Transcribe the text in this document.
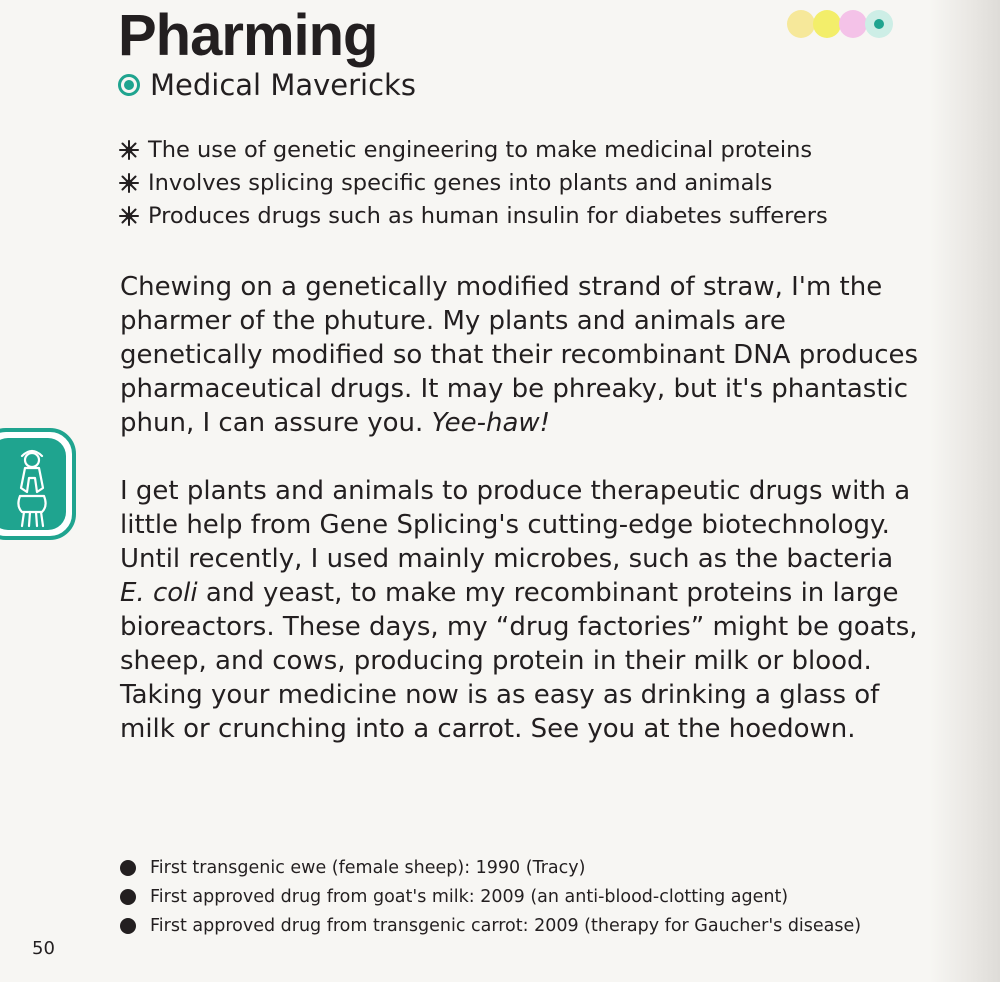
Pharming
Medical Mavericks
The use of genetic engineering to make medicinal proteins
Involves splicing specific genes into plants and animals
Produces drugs such as human insulin for diabetes sufferers

Chewing on a genetically modified strand of straw, I'm the pharmer of the phuture. My plants and animals are genetically modified so that their recombinant DNA produces pharmaceutical drugs. It may be phreaky, but it's phantastic phun, I can assure you. Yee-haw!

I get plants and animals to produce therapeutic drugs with a little help from Gene Splicing's cutting-edge biotechnology. Until recently, I used mainly microbes, such as the bacteria E. coli and yeast, to make my recombinant proteins in large bioreactors. These days, my “drug factories” might be goats, sheep, and cows, producing protein in their milk or blood. Taking your medicine now is as easy as drinking a glass of milk or crunching into a carrot. See you at the hoedown.

First transgenic ewe (female sheep): 1990 (Tracy)
First approved drug from goat's milk: 2009 (an anti-blood-clotting agent)
First approved drug from transgenic carrot: 2009 (therapy for Gaucher's disease)
50
